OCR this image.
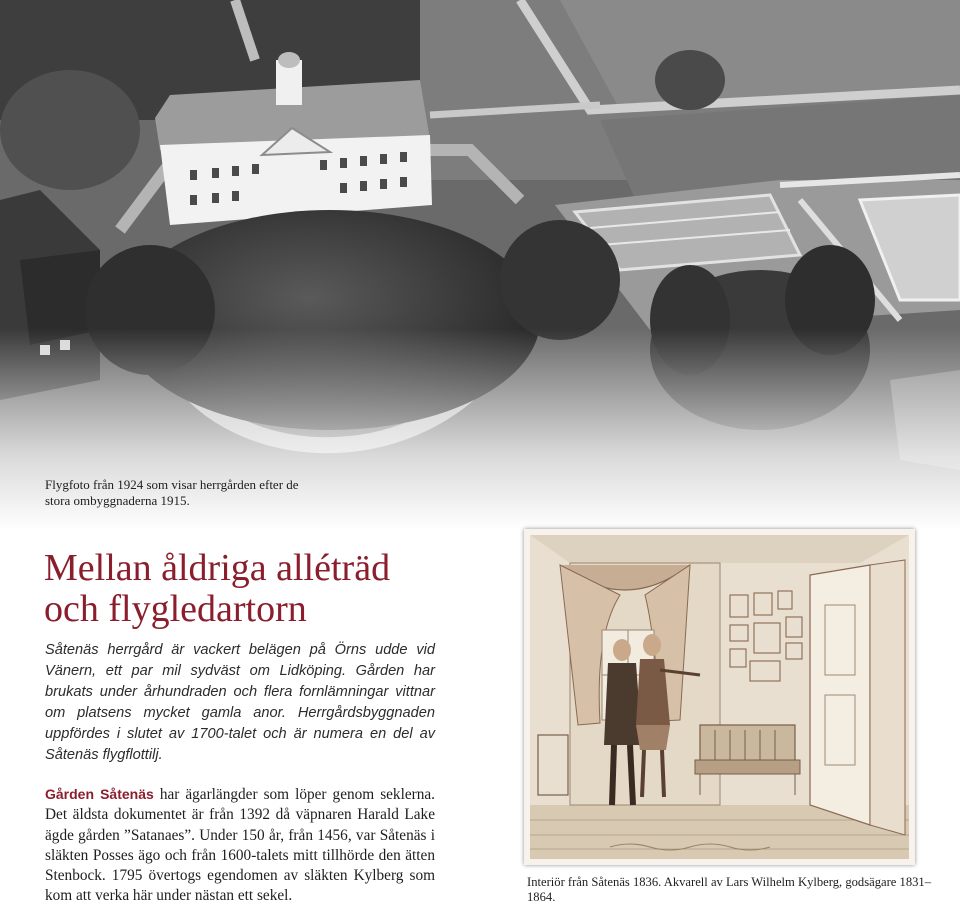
Flygfoto från 1924 som visar herrgården efter de stora ombyggnaderna 1915.
Mellan åldriga alléträd
och flygledartorn

Såtenäs herrgård är vackert belägen på Örns udde vid Vänern, ett par mil sydväst om Lidköping. Gården har brukats under århundraden och flera fornlämningar vittnar om platsens mycket gamla anor. Herrgårdsbyggnaden uppfördes i slutet av 1700-talet och är numera en del av Såtenäs flygflottilj.

Gården Såtenäs har ägarlängder som löper genom seklerna. Det äldsta dokumentet är från 1392 då väpnaren Harald Lake ägde gården ”Satanaes”. Under 150 år, från 1456, var Såtenäs i släkten Posses ägo och från 1600-talets mitt tillhörde den ätten Stenbock. 1795 övertogs egendomen av släkten Kylberg som kom att verka här under nästan ett sekel.

Interiör från Såtenäs 1836. Akvarell av Lars Wilhelm Kylberg, godsägare 1831–1864.
